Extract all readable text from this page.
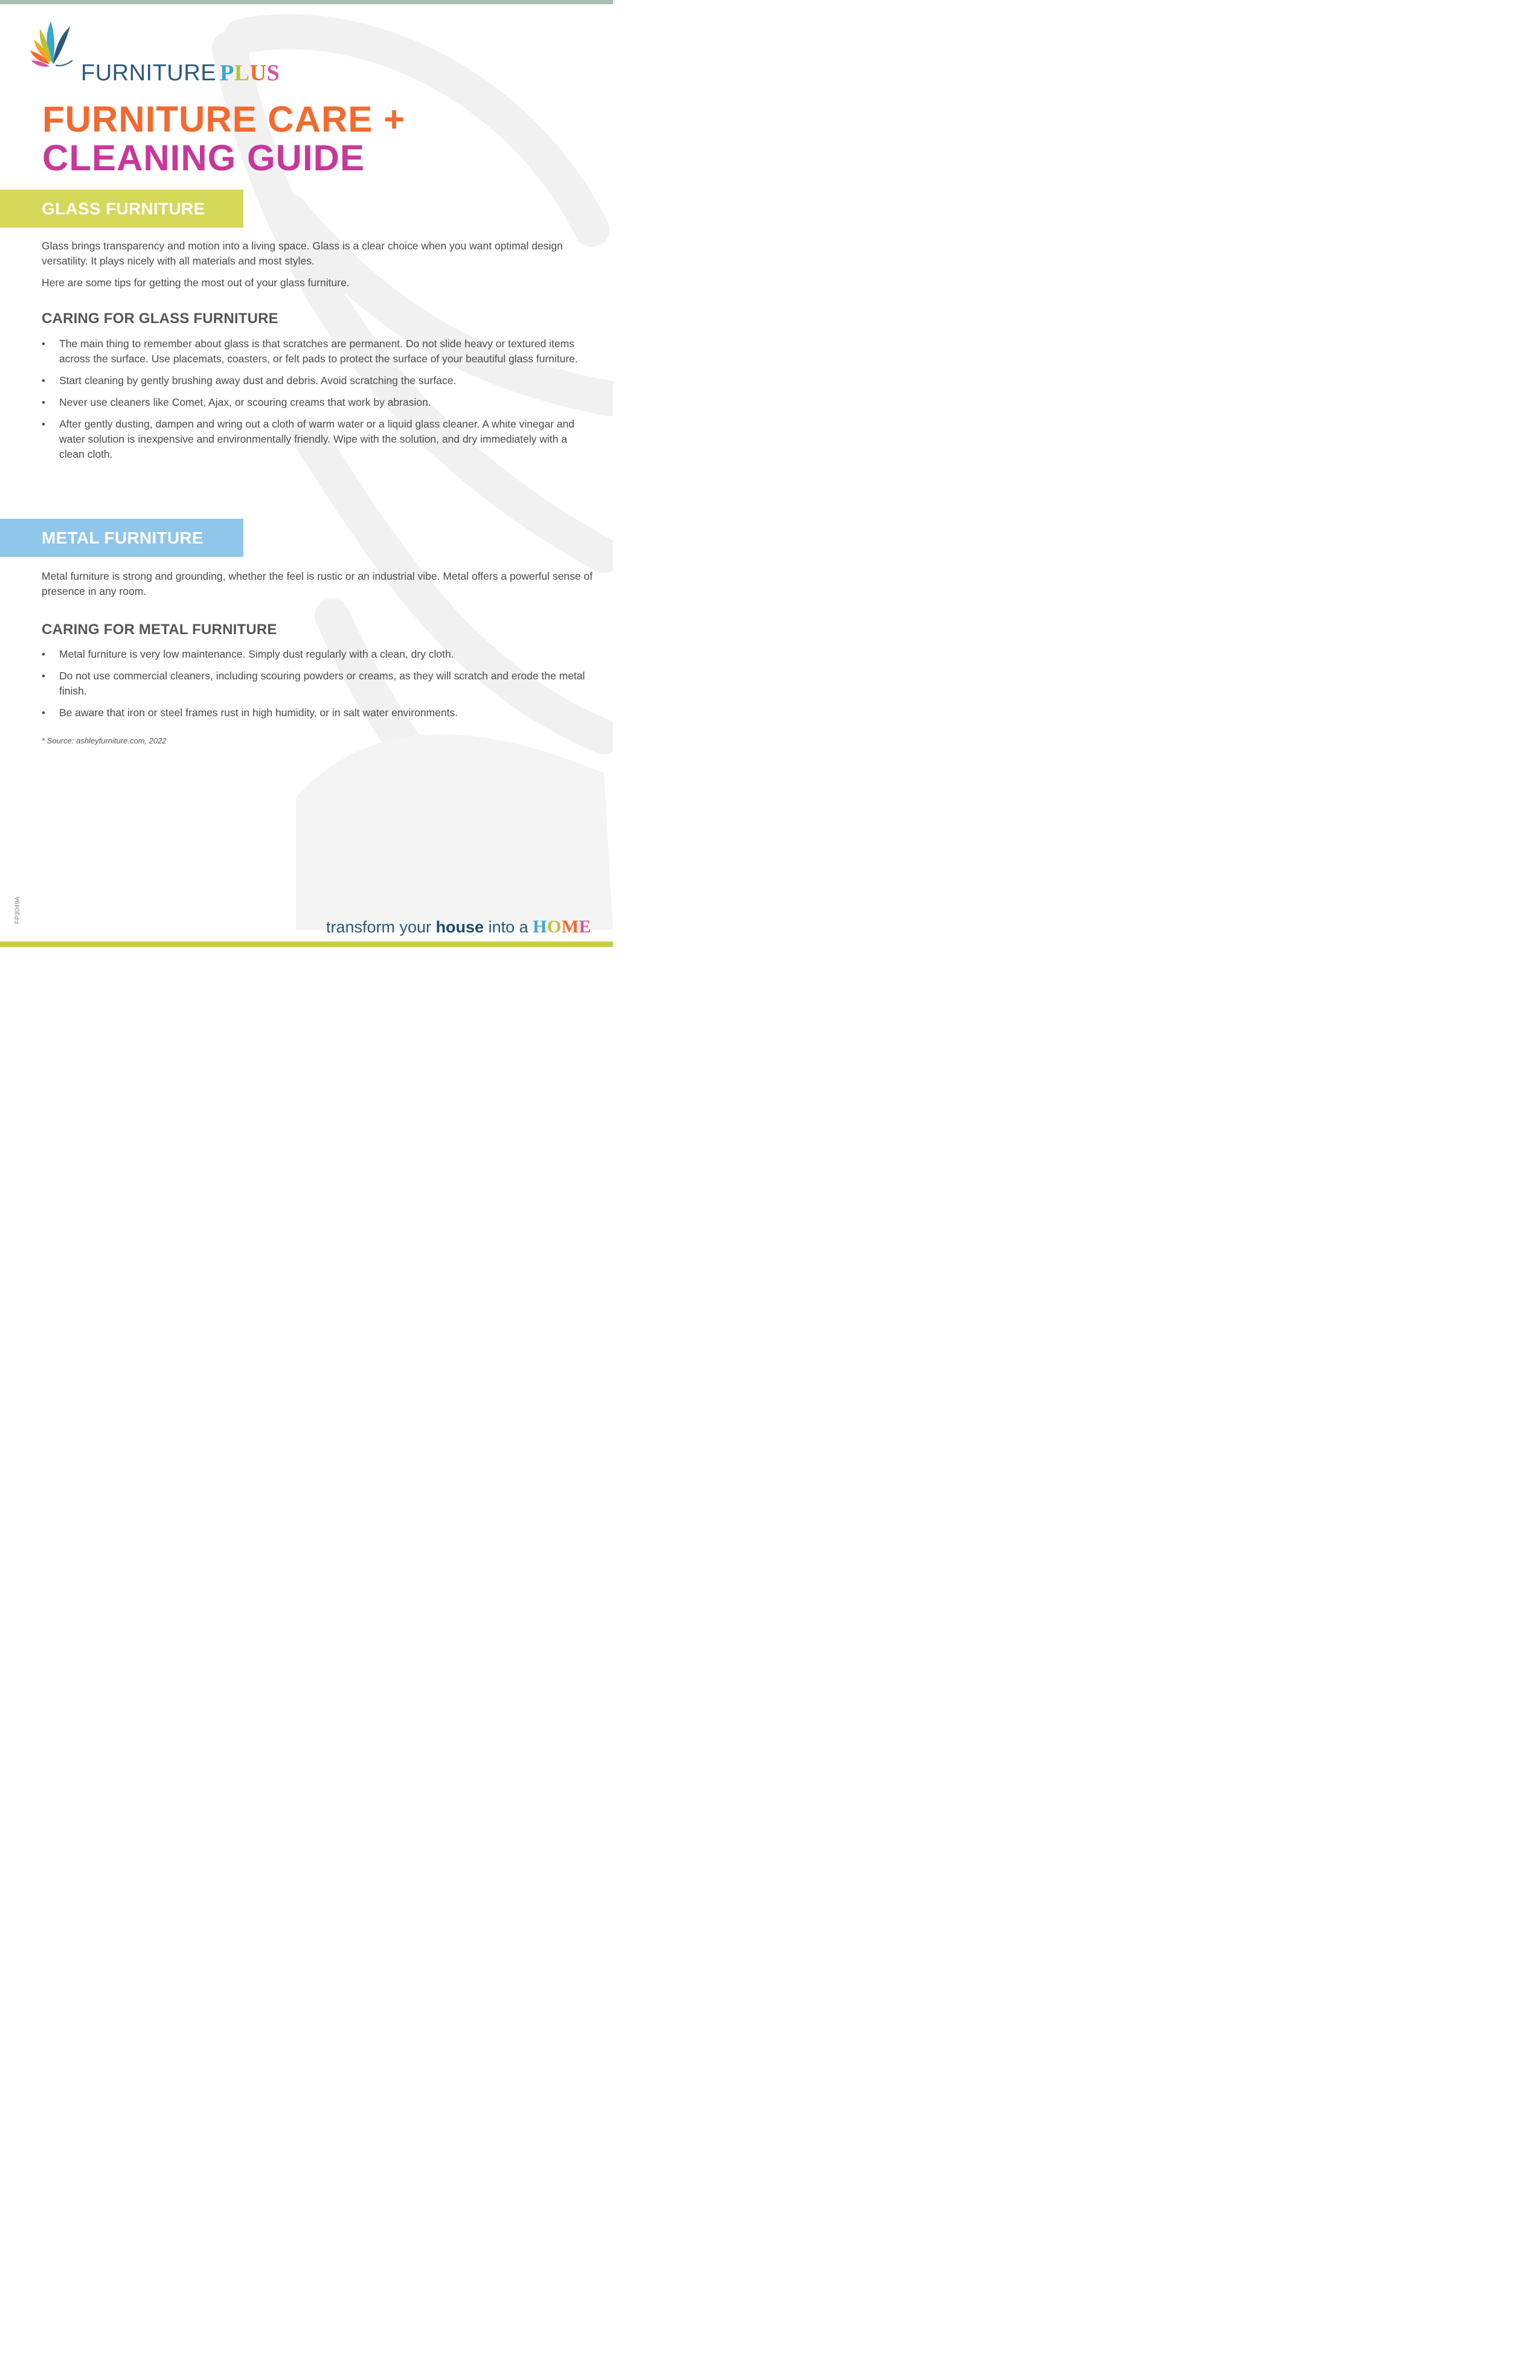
FURNITURE PLUS
FURNITURE CARE +
CLEANING GUIDE
GLASS FURNITURE

Glass brings transparency and motion into a living space. Glass is a clear choice when you want optimal design versatility. It plays nicely with all materials and most styles.

Here are some tips for getting the most out of your glass furniture.

CARING FOR GLASS FURNITURE
• The main thing to remember about glass is that scratches are permanent. Do not slide heavy or textured items across the surface. Use placemats, coasters, or felt pads to protect the surface of your beautiful glass furniture.
• Start cleaning by gently brushing away dust and debris. Avoid scratching the surface.
• Never use cleaners like Comet, Ajax, or scouring creams that work by abrasion.
• After gently dusting, dampen and wring out a cloth of warm water or a liquid glass cleaner. A white vinegar and water solution is inexpensive and environmentally friendly. Wipe with the solution, and dry immediately with a clean cloth.
METAL FURNITURE

Metal furniture is strong and grounding, whether the feel is rustic or an industrial vibe. Metal offers a powerful sense of presence in any room.

CARING FOR METAL FURNITURE
• Metal furniture is very low maintenance. Simply dust regularly with a clean, dry cloth.
• Do not use commercial cleaners, including scouring powders or creams, as they will scratch and erode the metal finish.
• Be aware that iron or steel frames rust in high humidity, or in salt water environments.
* Source: ashleyfurniture.com, 2022
FP3049A
transform your house into a HOME
